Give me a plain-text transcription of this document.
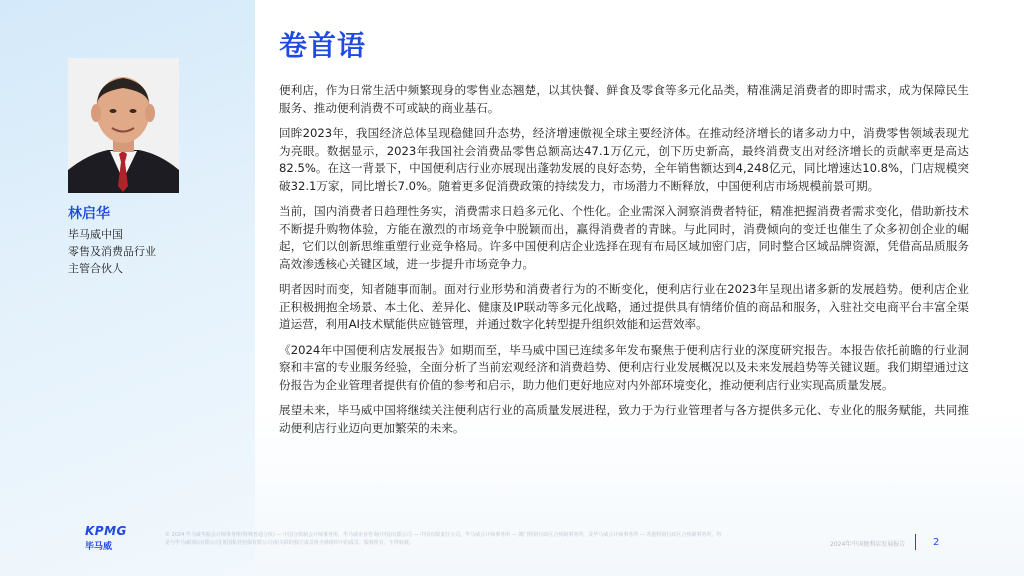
林启华
毕马威中国
零售及消费品行业
主管合伙人
卷首语

便利店，作为日常生活中频繁现身的零售业态翘楚，以其快餐、鲜食及零食等多元化品类，精准满足消费者的即时需求，成为保障民生服务、推动便利消费不可或缺的商业基石。

回眸2023年，我国经济总体呈现稳健回升态势，经济增速傲视全球主要经济体。在推动经济增长的诸多动力中，消费零售领域表现尤为亮眼。数据显示，2023年我国社会消费品零售总额高达47.1万亿元，创下历史新高，最终消费支出对经济增长的贡献率更是高达82.5%。在这一背景下，中国便利店行业亦展现出蓬勃发展的良好态势，全年销售额达到4,248亿元，同比增速达10.8%，门店规模突破32.1万家，同比增长7.0%。随着更多促消费政策的持续发力，市场潜力不断释放，中国便利店市场规模前景可期。

当前，国内消费者日趋理性务实，消费需求日趋多元化、个性化。企业需深入洞察消费者特征，精准把握消费者需求变化，借助新技术不断提升购物体验，方能在激烈的市场竞争中脱颖而出，赢得消费者的青睐。与此同时，消费倾向的变迁也催生了众多初创企业的崛起，它们以创新思维重塑行业竞争格局。许多中国便利店企业选择在现有布局区域加密门店，同时整合区域品牌资源，凭借高品质服务高效渗透核心关键区域，进一步提升市场竞争力。

明者因时而变，知者随事而制。面对行业形势和消费者行为的不断变化，便利店行业在2023年呈现出诸多新的发展趋势。便利店企业正积极拥抱全场景、本土化、差异化、健康及IP联动等多元化战略，通过提供具有情绪价值的商品和服务，入驻社交电商平台丰富全渠道运营，利用AI技术赋能供应链管理，并通过数字化转型提升组织效能和运营效率。

《2024年中国便利店发展报告》如期而至，毕马威中国已连续多年发布聚焦于便利店行业的深度研究报告。本报告依托前瞻的行业洞察和丰富的专业服务经验，全面分析了当前宏观经济和消费趋势、便利店行业发展概况以及未来发展趋势等关键议题。我们期望通过这份报告为企业管理者提供有价值的参考和启示，助力他们更好地应对内外部环境变化，推动便利店行业实现高质量发展。

展望未来，毕马威中国将继续关注便利店行业的高质量发展进程，致力于为行业管理者与各方提供多元化、专业化的服务赋能，共同推动便利店行业迈向更加繁荣的未来。

KPMG
毕马威
© 2024 毕马威华振会计师事务所(特殊普通合伙) — 中国合伙制会计师事务所，毕马威企业咨询(中国)有限公司 — 中国有限责任公司，毕马威会计师事务所 — 澳门特别行政区合伙制事务所，及毕马威会计师事务所 — 香港特别行政区合伙制事务所，均是与毕马威国际有限公司(英国私营担保有限公司)相关联的独立成员所全球组织中的成员。版权所有，不得转载。	2024年中国便利店发展报告	2
